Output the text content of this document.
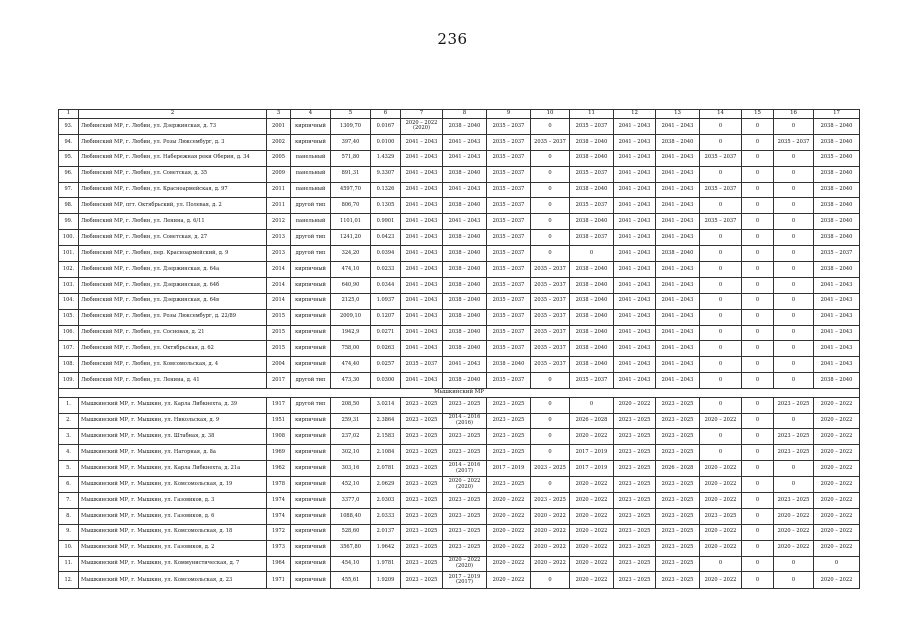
236
1	2	3	4	5	6	7	8	9	10	11	12	13	14	15	16	17
93.	Любинский МР, г. Любин, ул. Дзержинская, д. 73	2001	кирпичный	1309,70	0.0167	2020 – 2022 (2020)	2038 – 2040	2035 – 2037	0	2035 – 2037	2041 – 2043	2041 – 2043	0	0	0	2038 – 2040
94.	Любинский МР, г. Любин, ул. Розы Люксембург, д. 3	2002	кирпичный	397,40	0.0100	2041 – 2043	2041 – 2043	2035 – 2037	2035 – 2037	2038 – 2040	2041 – 2043	2038 – 2040	0	0	2035 – 2037	2038 – 2040
95.	Любинский МР, г. Любин, ул. Набережная реки Оберин, д. 34	2005	панельный	571,80	1.4329	2041 – 2043	2041 – 2043	2035 – 2037	0	2038 – 2040	2041 – 2043	2041 – 2043	2035 – 2037	0	0	2035 – 2040
96.	Любинский МР, г. Любин, ул. Советская, д. 35	2009	панельный	891,31	9.3307	2041 – 2043	2038 – 2040	2035 – 2037	0	2035 – 2037	2041 – 2043	2041 – 2043	0	0	0	2038 – 2040
97.	Любинский МР, г. Любин, ул. Красноармейская, д. 97	2011	панельный	4597,70	0.1326	2041 – 2043	2041 – 2043	2035 – 2037	0	2038 – 2040	2041 – 2043	2041 – 2043	2035 – 2037	0	0	2038 – 2040
98.	Любинский МР, пгт. Октябрьский, ул. Полевая, д. 2	2011	другой тип	806,70	0.1305	2041 – 2043	2038 – 2040	2035 – 2037	0	2035 – 2037	2041 – 2043	2041 – 2043	0	0	0	2038 – 2040
99.	Любинский МР, г. Любин, ул. Ленина, д. 6/11	2012	панельный	1101,01	0.9901	2041 – 2043	2041 – 2043	2035 – 2037	0	2038 – 2040	2041 – 2043	2041 – 2043	2035 – 2037	0	0	2038 – 2040
100.	Любинский МР, г. Любин, ул. Советская, д. 27	2013	другой тип	1241,20	0.0423	2041 – 2043	2038 – 2040	2035 – 2037	0	2038 – 2037	2041 – 2043	2041 – 2043	0	0	0	2038 – 2040
101.	Любинский МР, г. Любин, пер. Красноармейский, д. 9	2013	другой тип	324,20	0.0394	2041 – 2043	2038 – 2040	2035 – 2037	0	0	2041 – 2043	2038 – 2040	0	0	0	2035 – 2037
102.	Любинский МР, г. Любин, ул. Дзержинская, д. 64а	2014	кирпичный	474,10	0.0233	2041 – 2043	2038 – 2040	2035 – 2037	2035 – 2037	2038 – 2040	2041 – 2043	2041 – 2043	0	0	0	2038 – 2040
103.	Любинский МР, г. Любин, ул. Дзержинская, д. 64б	2014	кирпичный	640,90	0.0344	2041 – 2043	2038 – 2040	2035 – 2037	2035 – 2037	2038 – 2040	2041 – 2043	2041 – 2043	0	0	0	2041 – 2043
104.	Любинский МР, г. Любин, ул. Дзержинская, д. 64в	2014	кирпичный	2125,0	1.0937	2041 – 2043	2038 – 2040	2035 – 2037	2035 – 2037	2038 – 2040	2041 – 2043	2041 – 2043	0	0	0	2041 – 2043
105.	Любинский МР, г. Любин, ул. Розы Люксембург, д. 22/89	2015	кирпичный	2009,10	0.1207	2041 – 2043	2038 – 2040	2035 – 2037	2035 – 2037	2038 – 2040	2041 – 2043	2041 – 2043	0	0	0	2041 – 2043
106.	Любинский МР, г. Любин, ул. Сосновая, д. 21	2015	кирпичный	1942,9	0.0271	2041 – 2043	2038 – 2040	2035 – 2037	2035 – 2037	2038 – 2040	2041 – 2043	2041 – 2043	0	0	0	2041 – 2043
107.	Любинский МР, г. Любин, ул. Октябрьская, д. 62	2015	кирпичный	758,00	0.0263	2041 – 2043	2038 – 2040	2035 – 2037	2035 – 2037	2038 – 2040	2041 – 2043	2041 – 2043	0	0	0	2041 – 2043
108.	Любинский МР, г. Любин, ул. Комсомольская, д. 4	2004	кирпичный	474,40	0.0257	2035 – 2037	2041 – 2043	2038 – 2040	2035 – 2037	2038 – 2040	2041 – 2043	2041 – 2043	0	0	0	2041 – 2043
109.	Любинский МР, г. Любин, ул. Ленина, д. 41	2017	другой тип	473,30	0.0300	2041 – 2043	2038 – 2040	2035 – 2037	0	2035 – 2037	2041 – 2043	2041 – 2043	0	0	0	2038 – 2040
Мышкинский МР																
1.	Мышкинский МР, г. Мышкин, ул. Карла Либкнехта, д. 39	1917	другой тип	208,50	3.0214	2023 – 2025	2023 – 2025	2023 – 2025	0	0	2020 – 2022	2023 – 2025	0	0	2023 – 2025	2020 – 2022
2.	Мышкинский МР, г. Мышкин, ул. Никольская, д. 9	1951	кирпичный	259,31	2.3864	2023 – 2025	2014 – 2016 (2016)	2023 – 2025	0	2026 – 2028	2023 – 2025	2023 – 2025	2020 – 2022	0	0	2020 – 2022
3.	Мышкинский МР, г. Мышкин, ул. Штабная, д. 38	1908	кирпичный	237,02	2.1583	2023 – 2025	2023 – 2025	2023 – 2025	0	2020 – 2022	2023 – 2025	2023 – 2025	0	0	2023 – 2025	2020 – 2022
4.	Мышкинский МР, г. Мышкин, ул. Нагорная, д. 8а	1969	кирпичный	302,10	2.1084	2023 – 2025	2023 – 2025	2023 – 2025	0	2017 – 2019	2023 – 2025	2023 – 2025	0	0	2023 – 2025	2020 – 2022
5.	Мышкинский МР, г. Мышкин, ул. Карла Либкнехта, д. 21а	1962	кирпичный	303,16	2.0781	2023 – 2025	2014 – 2016 (2017)	2017 – 2019	2023 – 2025	2017 – 2019	2023 – 2025	2026 – 2028	2020 – 2022	0	0	2020 – 2022
6.	Мышкинский МР, г. Мышкин, ул. Комсомольская, д. 19	1978	кирпичный	452,10	2.0629	2023 – 2025	2020 – 2022 (2020)	2023 – 2025	0	2020 – 2022	2023 – 2025	2023 – 2025	2020 – 2022	0	0	2020 – 2022
7.	Мышкинский МР, г. Мышкин, ул. Газовиков, д. 3	1974	кирпичный	3377,0	2.0303	2023 – 2025	2023 – 2025	2020 – 2022	2023 – 2025	2020 – 2022	2023 – 2025	2023 – 2025	2020 – 2022	0	2023 – 2025	2020 – 2022
8.	Мышкинский МР, г. Мышкин, ул. Газовиков, д. 6	1974	кирпичный	1088,40	2.0333	2023 – 2025	2023 – 2025	2020 – 2022	2020 – 2022	2020 – 2022	2023 – 2025	2023 – 2025	2023 – 2025	0	2020 – 2022	2020 – 2022
9.	Мышкинский МР, г. Мышкин, ул. Комсомольская, д. 18	1972	кирпичный	528,60	2.0137	2023 – 2025	2023 – 2025	2020 – 2022	2020 – 2022	2020 – 2022	2023 – 2025	2023 – 2025	2020 – 2022	0	2020 – 2022	2020 – 2022
10.	Мышкинский МР, г. Мышкин, ул. Газовиков, д. 2	1973	кирпичный	3567,80	1.9642	2023 – 2025	2023 – 2025	2020 – 2022	2020 – 2022	2020 – 2022	2023 – 2025	2023 – 2025	2020 – 2022	0	2020 – 2022	2020 – 2022
11.	Мышкинский МР, г. Мышкин, ул. Коммунистическая, д. 7	1964	кирпичный	454,10	1.9781	2023 – 2025	2020 – 2022 (2020)	2020 – 2022	2020 – 2022	2020 – 2022	2023 – 2025	2023 – 2025	0	0	0	0
12.	Мышкинский МР, г. Мышкин, ул. Комсомольская, д. 23	1971	кирпичный	455,61	1.9209	2023 – 2025	2017 – 2019 (2017)	2020 – 2022	0	2020 – 2022	2023 – 2025	2023 – 2025	2020 – 2022	0	0	2020 – 2022
